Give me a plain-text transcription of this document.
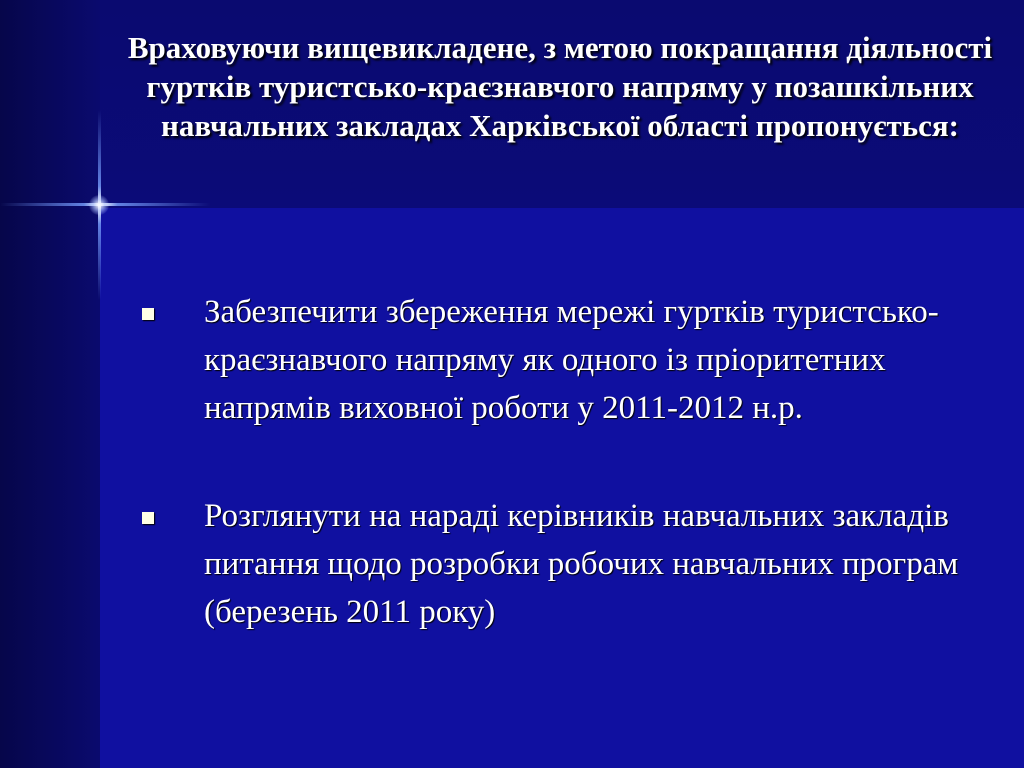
Враховуючи вищевикладене, з метою покращання діяльності гуртків туристсько-краєзнавчого напряму у позашкільних навчальних закладах Харківської області пропонується:
Забезпечити збереження мережі гуртків туристсько-краєзнавчого напряму як одного із пріоритетних напрямів виховної роботи у 2011-2012 н.р.
Розглянути на нараді керівників навчальних закладів питання щодо розробки робочих навчальних програм (березень 2011 року)
